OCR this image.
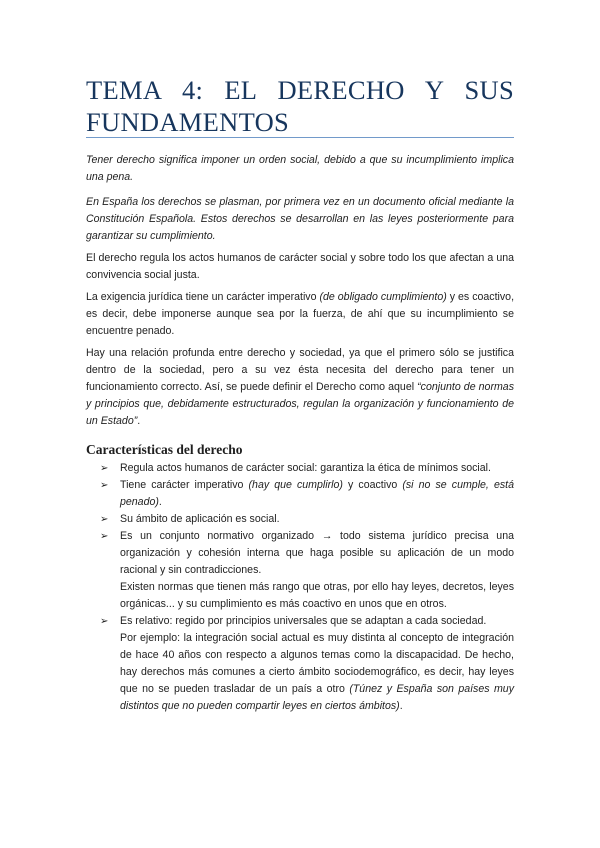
TEMA 4: EL DERECHO Y SUS
FUNDAMENTOS

Tener derecho significa imponer un orden social, debido a que su incumplimiento implica una pena.

En España los derechos se plasman, por primera vez en un documento oficial mediante la Constitución Española. Estos derechos se desarrollan en las leyes posteriormente para garantizar su cumplimiento.

El derecho regula los actos humanos de carácter social y sobre todo los que afectan a una convivencia social justa.

La exigencia jurídica tiene un carácter imperativo (de obligado cumplimiento) y es coactivo, es decir, debe imponerse aunque sea por la fuerza, de ahí que su incumplimiento se encuentre penado.

Hay una relación profunda entre derecho y sociedad, ya que el primero sólo se justifica dentro de la sociedad, pero a su vez ésta necesita del derecho para tener un funcionamiento correcto. Así, se puede definir el Derecho como aquel “conjunto de normas y principios que, debidamente estructurados, regulan la organización y funcionamiento de un Estado”.

Características del derecho
➢ Regula actos humanos de carácter social: garantiza la ética de mínimos social.
➢ Tiene carácter imperativo (hay que cumplirlo) y coactivo (si no se cumple, está penado).
➢ Su ámbito de aplicación es social.
➢ Es un conjunto normativo organizado → todo sistema jurídico precisa una organización y cohesión interna que haga posible su aplicación de un modo racional y sin contradicciones.
Existen normas que tienen más rango que otras, por ello hay leyes, decretos, leyes orgánicas... y su cumplimiento es más coactivo en unos que en otros.
➢ Es relativo: regido por principios universales que se adaptan a cada sociedad.
Por ejemplo: la integración social actual es muy distinta al concepto de integración de hace 40 años con respecto a algunos temas como la discapacidad. De hecho, hay derechos más comunes a cierto ámbito sociodemográfico, es decir, hay leyes que no se pueden trasladar de un país a otro (Túnez y España son países muy distintos que no pueden compartir leyes en ciertos ámbitos).
